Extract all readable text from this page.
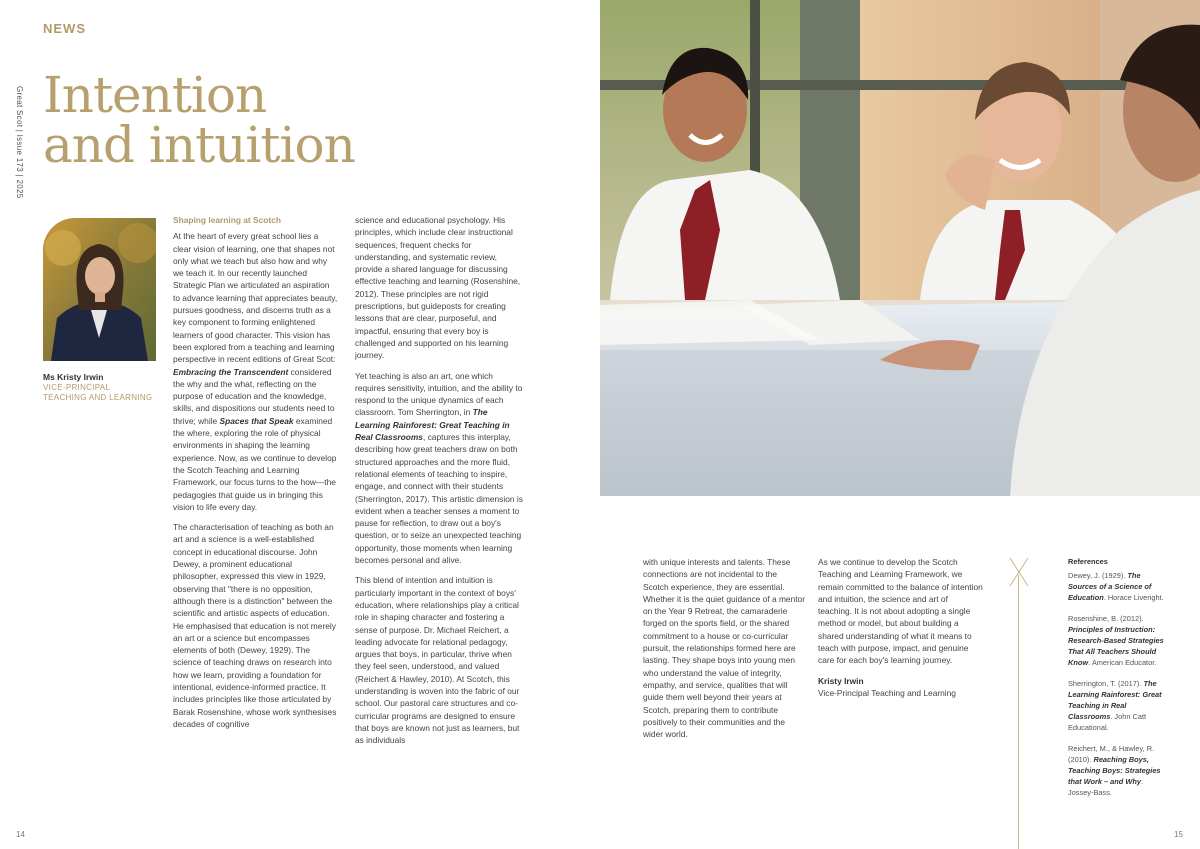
NEWS
Great Scot | Issue 173 | 2025 Intention
and intuition
Ms Kristy Irwin
VICE-PRINCIPAL
TEACHING AND LEARNING
Shaping learning at Scotch

At the heart of every great school lies a clear vision of learning, one that shapes not only what we teach but also how and why we teach it. In our recently launched Strategic Plan we articulated an aspiration to advance learning that appreciates beauty, pursues goodness, and discerns truth as a key component to forming enlightened learners of good character. This vision has been explored from a teaching and learning perspective in recent editions of Great Scot: Embracing the Transcendent considered the why and the what, reflecting on the purpose of education and the knowledge, skills, and dispositions our students need to thrive; while Spaces that Speak examined the where, exploring the role of physical environments in shaping the learning experience. Now, as we continue to develop the Scotch Teaching and Learning Framework, our focus turns to the how—the pedagogies that guide us in bringing this vision to life every day.

The characterisation of teaching as both an art and a science is a well-established concept in educational discourse. John Dewey, a prominent educational philosopher, expressed this view in 1929, observing that "there is no opposition, although there is a distinction" between the scientific and artistic aspects of education. He emphasised that education is not merely an art or a science but encompasses elements of both (Dewey, 1929). The science of teaching draws on research into how we learn, providing a foundation for intentional, evidence-informed practice. It includes principles like those articulated by Barak Rosenshine, whose work synthesises decades of cognitive

science and educational psychology. His principles, which include clear instructional sequences, frequent checks for understanding, and systematic review, provide a shared language for discussing effective teaching and learning (Rosenshine, 2012). These principles are not rigid prescriptions, but guideposts for creating lessons that are clear, purposeful, and impactful, ensuring that every boy is challenged and supported on his learning journey.

Yet teaching is also an art, one which requires sensitivity, intuition, and the ability to respond to the unique dynamics of each classroom. Tom Sherrington, in The Learning Rainforest: Great Teaching in Real Classrooms, captures this interplay, describing how great teachers draw on both structured approaches and the more fluid, relational elements of teaching to inspire, engage, and connect with their students (Sherrington, 2017). This artistic dimension is evident when a teacher senses a moment to pause for reflection, to draw out a boy's question, or to seize an unexpected teaching opportunity, those moments when learning becomes personal and alive.

This blend of intention and intuition is particularly important in the context of boys' education, where relationships play a critical role in shaping character and fostering a sense of purpose. Dr. Michael Reichert, a leading advocate for relational pedagogy, argues that boys, in particular, thrive when they feel seen, understood, and valued (Reichert & Hawley, 2010). At Scotch, this understanding is woven into the fabric of our school. Our pastoral care structures and co-curricular programs are designed to ensure that boys are known not just as learners, but as individuals

with unique interests and talents. These connections are not incidental to the Scotch experience, they are essential. Whether it is the quiet guidance of a mentor on the Year 9 Retreat, the camaraderie forged on the sports field, or the shared commitment to a house or co-curricular pursuit, the relationships formed here are lasting. They shape boys into young men who understand the value of integrity, empathy, and service, qualities that will guide them well beyond their years at Scotch, preparing them to contribute positively to their communities and the wider world.

As we continue to develop the Scotch Teaching and Learning Framework, we remain committed to the balance of intention and intuition, the science and art of teaching. It is not about adopting a single method or model, but about building a shared understanding of what it means to teach with purpose, impact, and genuine care for each boy's learning journey.

Kristy Irwin
Vice-Principal Teaching and Learning
References

Dewey, J. (1929). The Sources of a Science of Education. Horace Liveright.

Rosenshine, B. (2012). Principles of Instruction: Research-Based Strategies That All Teachers Should Know. American Educator.

Sherrington, T. (2017). The Learning Rainforest: Great Teaching in Real Classrooms. John Catt Educational.

Reichert, M., & Hawley, R. (2010). Reaching Boys, Teaching Boys: Strategies that Work – and Why. Jossey-Bass.

14	15
